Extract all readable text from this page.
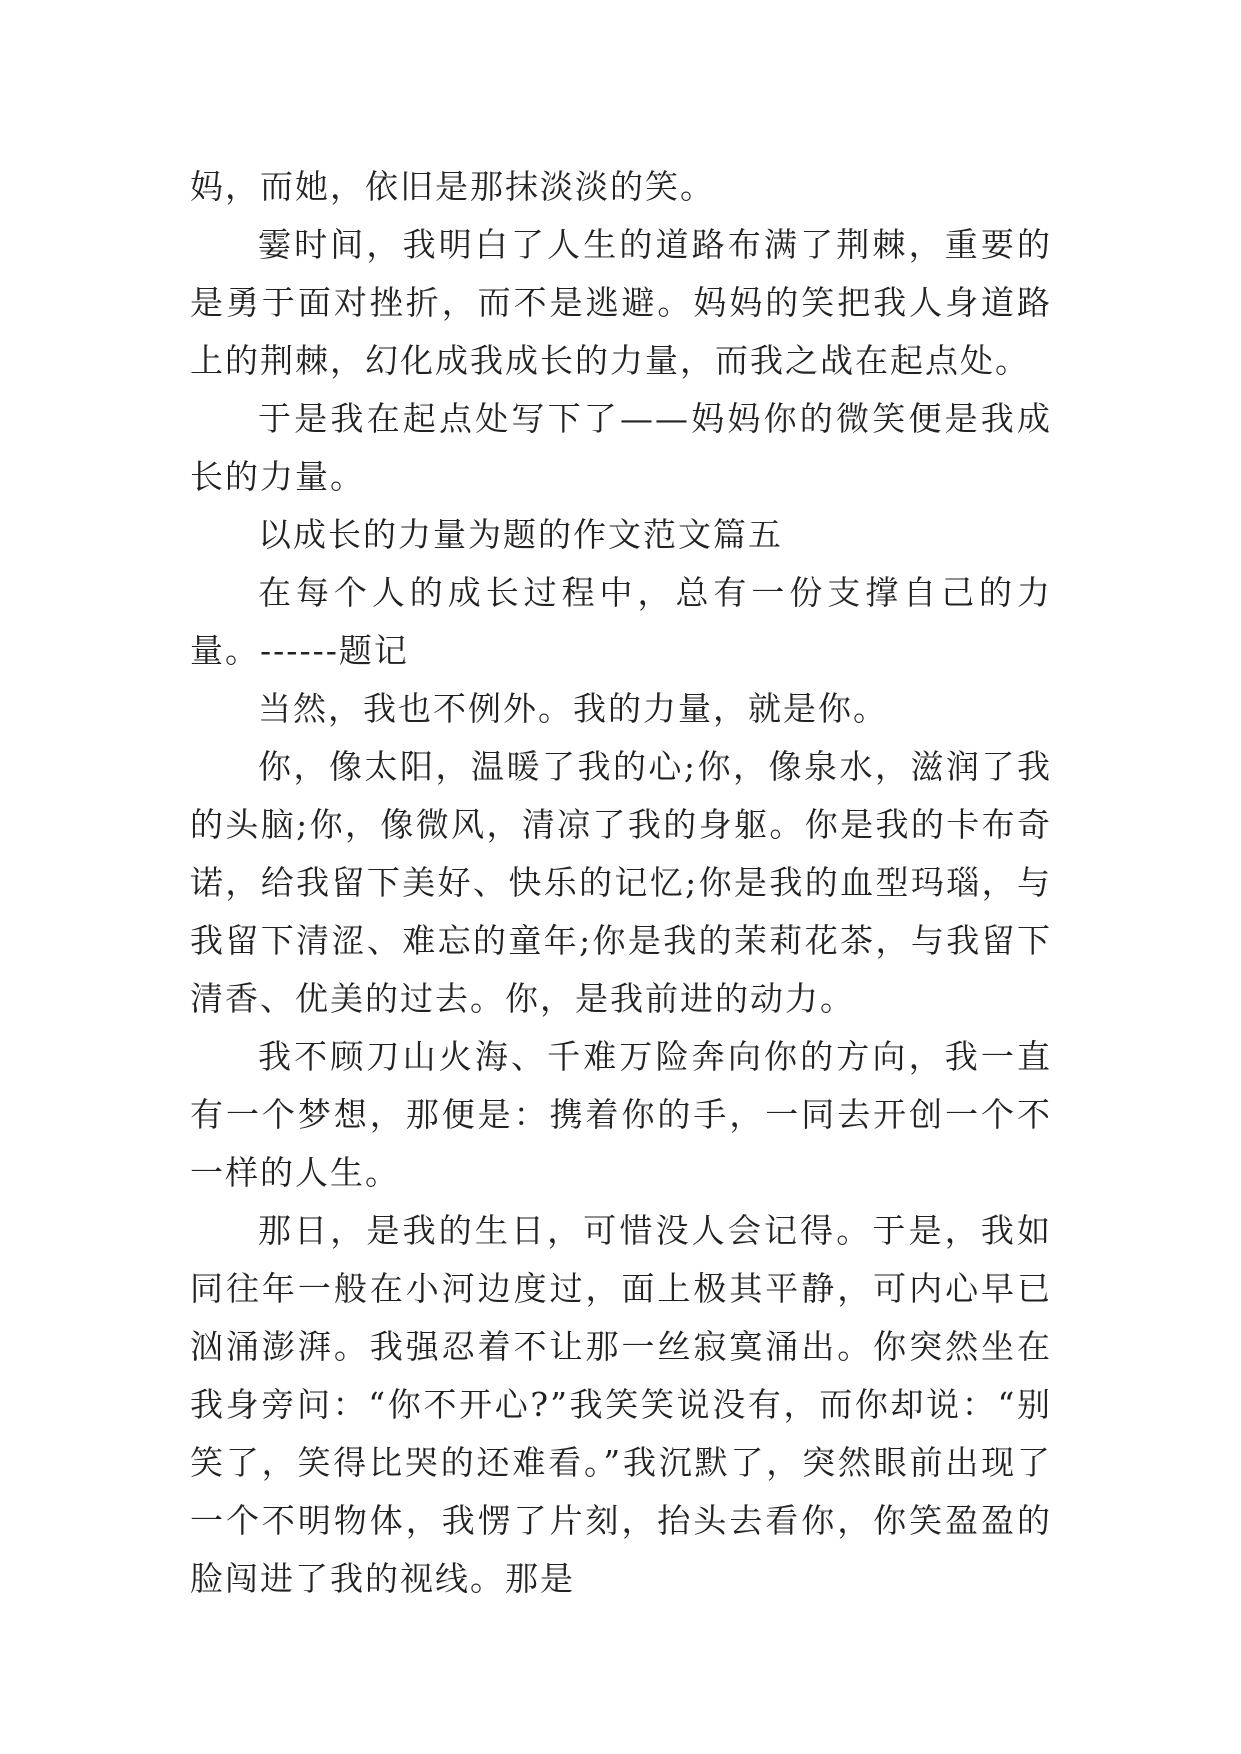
妈，而她，依旧是那抹淡淡的笑。

霎时间，我明白了人生的道路布满了荆棘，重要的是勇于面对挫折，而不是逃避。妈妈的笑把我人身道路上的荆棘，幻化成我成长的力量，而我之战在起点处。

于是我在起点处写下了——妈妈你的微笑便是我成长的力量。

以成长的力量为题的作文范文篇五

在每个人的成长过程中，总有一份支撑自己的力量。------题记

当然，我也不例外。我的力量，就是你。

你，像太阳，温暖了我的心;你，像泉水，滋润了我的头脑;你，像微风，清凉了我的身躯。你是我的卡布奇诺，给我留下美好、快乐的记忆;你是我的血型玛瑙，与我留下清涩、难忘的童年;你是我的茉莉花茶，与我留下清香、优美的过去。你，是我前进的动力。

我不顾刀山火海、千难万险奔向你的方向，我一直有一个梦想，那便是：携着你的手，一同去开创一个不一样的人生。

那日，是我的生日，可惜没人会记得。于是，我如同往年一般在小河边度过，面上极其平静，可内心早已汹涌澎湃。我强忍着不让那一丝寂寞涌出。你突然坐在我身旁问：“你不开心?”我笑笑说没有，而你却说：“别笑了，笑得比哭的还难看。”我沉默了，突然眼前出现了一个不明物体，我愣了片刻，抬头去看你，你笑盈盈的脸闯进了我的视线。那是
